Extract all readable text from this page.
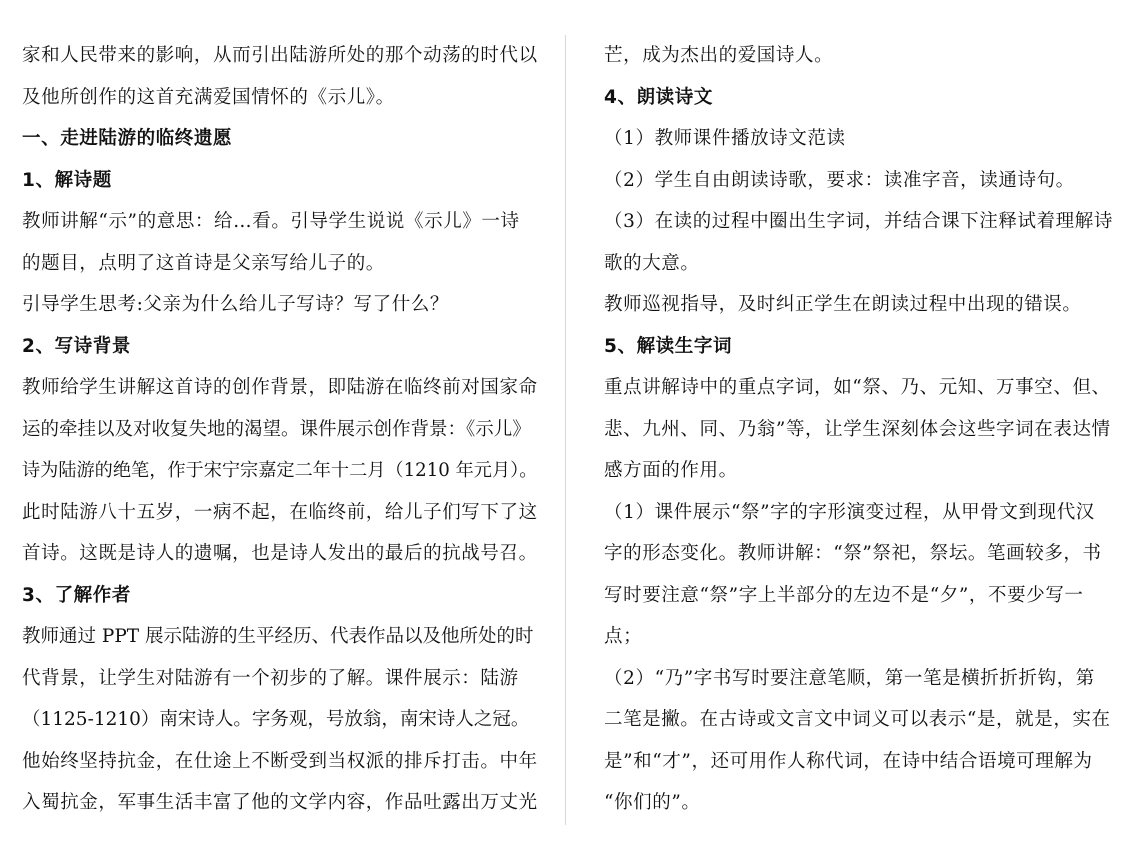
家和人民带来的影响，从而引出陆游所处的那个动荡的时代以
及他所创作的这首充满爱国情怀的《示儿》。
一、走进陆游的临终遗愿
1、解诗题
教师讲解“示”的意思：给…看。引导学生说说《示儿》一诗
的题目，点明了这首诗是父亲写给儿子的。
引导学生思考:父亲为什么给儿子写诗？写了什么？
2、写诗背景
教师给学生讲解这首诗的创作背景，即陆游在临终前对国家命
运的牵挂以及对收复失地的渴望。课件展示创作背景：《示儿》
诗为陆游的绝笔，作于宋宁宗嘉定二年十二月（1210 年元月）。
此时陆游八十五岁，一病不起，在临终前，给儿子们写下了这
首诗。这既是诗人的遗嘱，也是诗人发出的最后的抗战号召。
3、了解作者
教师通过 PPT 展示陆游的生平经历、代表作品以及他所处的时
代背景，让学生对陆游有一个初步的了解。课件展示：陆游
（1125-1210）南宋诗人。字务观，号放翁，南宋诗人之冠。
他始终坚持抗金，在仕途上不断受到当权派的排斥打击。中年
入蜀抗金，军事生活丰富了他的文学内容，作品吐露出万丈光
芒，成为杰出的爱国诗人。
4、朗读诗文
（1）教师课件播放诗文范读
（2）学生自由朗读诗歌，要求：读准字音，读通诗句。
（3）在读的过程中圈出生字词，并结合课下注释试着理解诗
歌的大意。
教师巡视指导，及时纠正学生在朗读过程中出现的错误。
5、解读生字词
重点讲解诗中的重点字词，如“祭、乃、元知、万事空、但、
悲、九州、同、乃翁”等，让学生深刻体会这些字词在表达情
感方面的作用。
（1）课件展示“祭”字的字形演变过程，从甲骨文到现代汉
字的形态变化。教师讲解：“祭”祭祀，祭坛。笔画较多，书
写时要注意“祭”字上半部分的左边不是“夕”，不要少写一
点；
（2）“乃”字书写时要注意笔顺，第一笔是横折折折钩，第
二笔是撇。在古诗或文言文中词义可以表示“是，就是，实在
是”和“才”，还可用作人称代词，在诗中结合语境可理解为
“你们的”。
